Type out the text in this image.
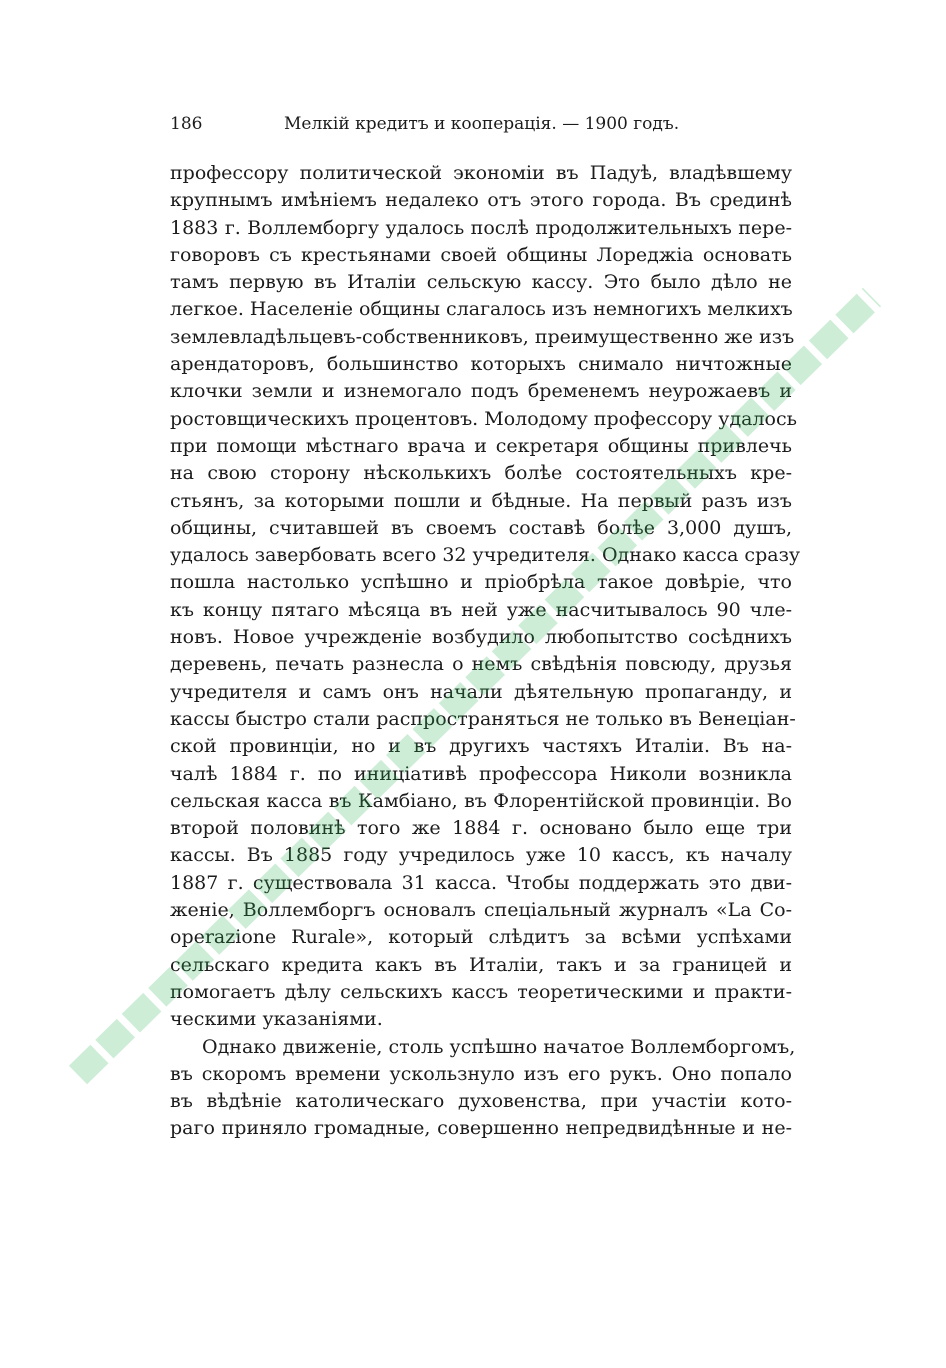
186	Мелкій кредитъ и кооперація. — 1900 годъ.
профессору политической экономіи въ Падуѣ, владѣвшему
крупнымъ имѣніемъ недалеко отъ этого города. Въ срединѣ
1883 г. Воллемборгу удалось послѣ продолжительныхъ пере-
говоровъ съ крестьянами своей общины Лореджіа основать
тамъ первую въ Италіи сельскую кассу. Это было дѣло не
легкое. Населеніе общины слагалось изъ немногихъ мелкихъ
землевладѣльцевъ-собственниковъ, преимущественно же изъ
арендаторовъ, большинство которыхъ снимало ничтожные
клочки земли и изнемогало подъ бременемъ неурожаевъ и
ростовщическихъ процентовъ. Молодому профессору удалось
при помощи мѣстнаго врача и секретаря общины привлечь
на свою сторону нѣсколькихъ болѣе состоятельныхъ кре-
стьянъ, за которыми пошли и бѣдные. На первый разъ изъ
общины, считавшей въ своемъ составѣ болѣе 3,000 душъ,
удалось завербовать всего 32 учредителя. Однако касса сразу
пошла настолько успѣшно и пріобрѣла такое довѣріе, что
къ концу пятаго мѣсяца въ ней уже насчитывалось 90 чле-
новъ. Новое учрежденіе возбудило любопытство сосѣднихъ
деревень, печать разнесла о немъ свѣдѣнія повсюду, друзья
учредителя и самъ онъ начали дѣятельную пропаганду, и
кассы быстро стали распространяться не только въ Венеціан-
ской провинціи, но и въ другихъ частяхъ Италіи. Въ на-
чалѣ 1884 г. по иниціативѣ профессора Николи возникла
сельская касса въ Камбіано, въ Флорентійской провинціи. Во
второй половинѣ того же 1884 г. основано было еще три
кассы. Въ 1885 году учредилось уже 10 кассъ, къ началу
1887 г. существовала 31 касса. Чтобы поддержать это дви-
женіе, Воллемборгъ основалъ спеціальный журналъ «La Co-
operazione Rurale», который слѣдитъ за всѣми успѣхами
сельскаго кредита какъ въ Италіи, такъ и за границей и
помогаетъ дѣлу сельскихъ кассъ теоретическими и практи-
ческими указаніями.
Однако движеніе, столь успѣшно начатое Воллемборгомъ,
въ скоромъ времени ускользнуло изъ его рукъ. Оно попало
въ вѣдѣніе католическаго духовенства, при участіи кото-
раго приняло громадные, совершенно непредвидѣнные и не-
